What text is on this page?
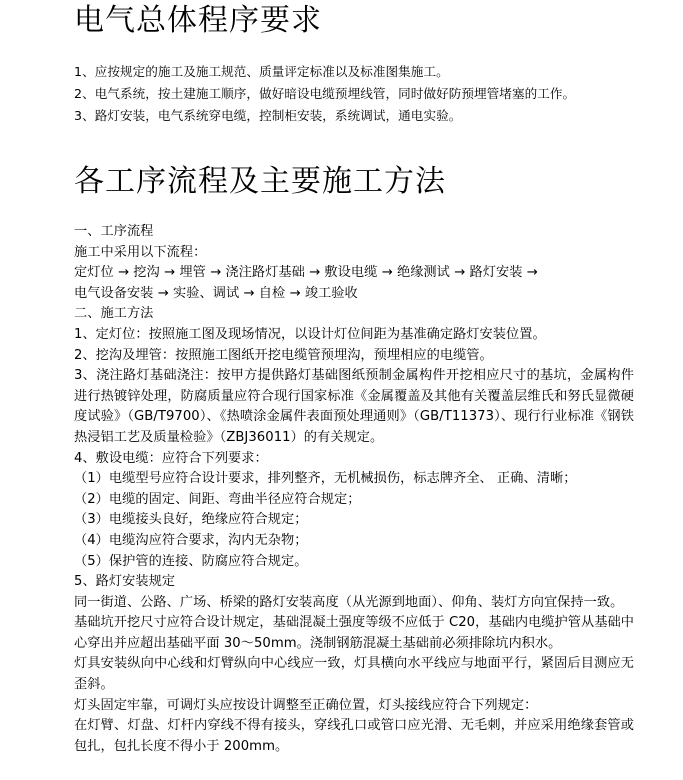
电气总体程序要求

1、应按规定的施工及施工规范、质量评定标准以及标准图集施工。

2、电气系统，按土建施工顺序，做好暗设电缆预埋线管，同时做好防预埋管堵塞的工作。

3、路灯安装，电气系统穿电缆，控制柜安装，系统调试，通电实验。

各工序流程及主要施工方法
一、工序流程
施工中采用以下流程：
定灯位 → 挖沟 → 埋管 → 浇注路灯基础 → 敷设电缆 → 绝缘测试 → 路灯安装 →
电气设备安装 → 实验、调试 → 自检 → 竣工验收
二、施工方法
1、定灯位：按照施工图及现场情况，以设计灯位间距为基准确定路灯安装位置。
2、挖沟及埋管：按照施工图纸开挖电缆管预埋沟，预埋相应的电缆管。
3、浇注路灯基础浇注：按甲方提供路灯基础图纸预制金属构件开挖相应尺寸的基坑，金属构件进行热镀锌处理，防腐质量应符合现行国家标准《金属覆盖及其他有关覆盖层维氏和努氏显微硬度试验》（GB/T9700）、《热喷涂金属件表面预处理通则》（GB/T11373）、现行行业标准《钢铁热浸铝工艺及质量检验》（ZBJ36011）的有关规定。
4、敷设电缆：应符合下列要求：
（1）电缆型号应符合设计要求，排列整齐，无机械损伤，标志牌齐全、 正确、清晰；
（2）电缆的固定、间距、弯曲半径应符合规定；
（3）电缆接头良好，绝缘应符合规定；
（4）电缆沟应符合要求，沟内无杂物；
（5）保护管的连接、防腐应符合规定。
5、路灯安装规定
同一街道、公路、广场、桥梁的路灯安装高度（从光源到地面）、仰角、装灯方向宜保持一致。
基础坑开挖尺寸应符合设计规定，基础混凝土强度等级不应低于 C20，基础内电缆护管从基础中心穿出并应超出基础平面 30～50mm。浇制钢筋混凝土基础前必须排除坑内积水。
灯具安装纵向中心线和灯臂纵向中心线应一致，灯具横向水平线应与地面平行，紧固后目测应无歪斜。
灯头固定牢靠，可调灯头应按设计调整至正确位置，灯头接线应符合下列规定：
在灯臂、灯盘、灯杆内穿线不得有接头，穿线孔口或管口应光滑、无毛刺，并应采用绝缘套管或包扎，包扎长度不得小于 200mm。
